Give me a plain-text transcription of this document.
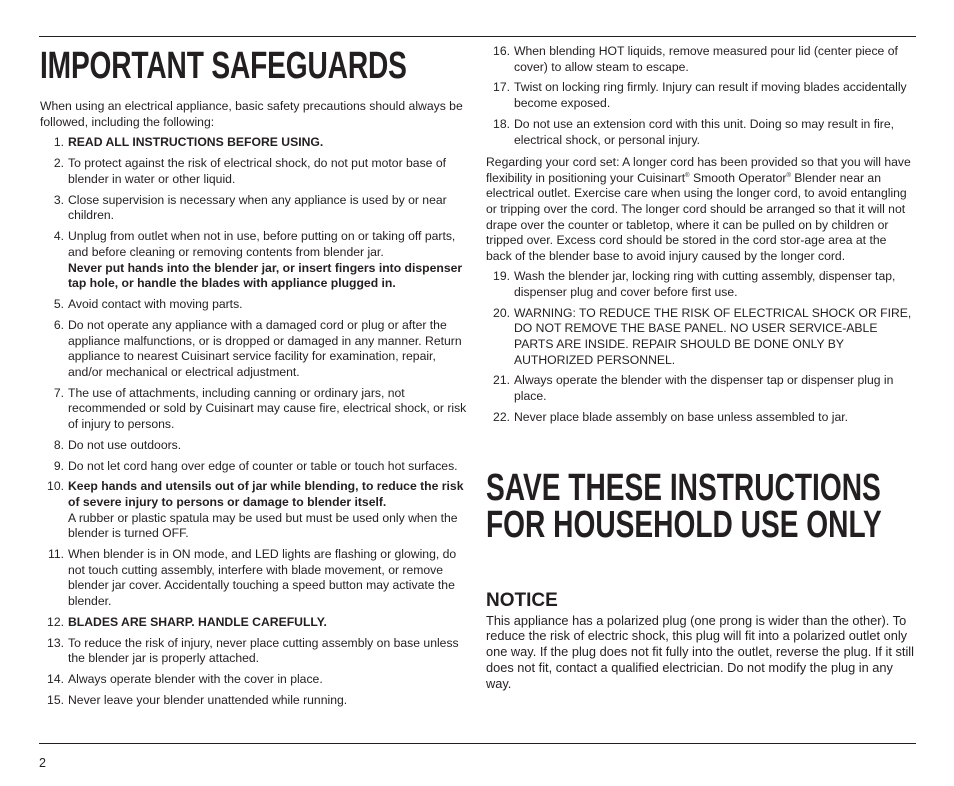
IMPORTANT SAFEGUARDS
When using an electrical appliance, basic safety precautions should always be followed, including the following:
1. READ ALL INSTRUCTIONS BEFORE USING.
2. To protect against the risk of electrical shock, do not put motor base of blender in water or other liquid.
3. Close supervision is necessary when any appliance is used by or near children.
4. Unplug from outlet when not in use, before putting on or taking off parts, and before cleaning or removing contents from blender jar.
Never put hands into the blender jar, or insert fingers into dispenser tap hole, or handle the blades with appliance plugged in.
5. Avoid contact with moving parts.
6. Do not operate any appliance with a damaged cord or plug or after the appliance malfunctions, or is dropped or damaged in any manner. Return appliance to nearest Cuisinart service facility for examination, repair, and/or mechanical or electrical adjustment.
7. The use of attachments, including canning or ordinary jars, not recommended or sold by Cuisinart may cause fire, electrical shock, or risk of injury to persons.
8. Do not use outdoors.
9. Do not let cord hang over edge of counter or table or touch hot surfaces.
10. Keep hands and utensils out of jar while blending, to reduce the risk of severe injury to persons or damage to blender itself.
A rubber or plastic spatula may be used but must be used only when the blender is turned OFF.
11. When blender is in ON mode, and LED lights are flashing or glowing, do not touch cutting assembly, interfere with blade movement, or remove blender jar cover. Accidentally touching a speed button may activate the blender.
12. BLADES ARE SHARP. HANDLE CAREFULLY.
13. To reduce the risk of injury, never place cutting assembly on base unless the blender jar is properly attached.
14. Always operate blender with the cover in place.
15. Never leave your blender unattended while running.
16. When blending HOT liquids, remove measured pour lid (center piece of cover) to allow steam to escape.
17. Twist on locking ring firmly. Injury can result if moving blades accidentally become exposed.
18. Do not use an extension cord with this unit. Doing so may result in fire, electrical shock, or personal injury.
Regarding your cord set: A longer cord has been provided so that you will have flexibility in positioning your Cuisinart® Smooth Operator® Blender near an electrical outlet. Exercise care when using the longer cord, to avoid entangling or tripping over the cord. The longer cord should be arranged so that it will not drape over the counter or tabletop, where it can be pulled on by children or tripped over. Excess cord should be stored in the cord stor-age area at the back of the blender base to avoid injury caused by the longer cord.
19. Wash the blender jar, locking ring with cutting assembly, dispenser tap, dispenser plug and cover before first use.
20. WARNING: TO REDUCE THE RISK OF ELECTRICAL SHOCK OR FIRE, DO NOT REMOVE THE BASE PANEL. NO USER SERVICE-ABLE PARTS ARE INSIDE. REPAIR SHOULD BE DONE ONLY BY AUTHORIZED PERSONNEL.
21. Always operate the blender with the dispenser tap or dispenser plug in place.
22. Never place blade assembly on base unless assembled to jar.
SAVE THESE INSTRUCTIONS
FOR HOUSEHOLD USE ONLY
NOTICE
This appliance has a polarized plug (one prong is wider than the other). To reduce the risk of electric shock, this plug will fit into a polarized outlet only one way. If the plug does not fit fully into the outlet, reverse the plug. If it still does not fit, contact a qualified electrician. Do not modify the plug in any way.
2
